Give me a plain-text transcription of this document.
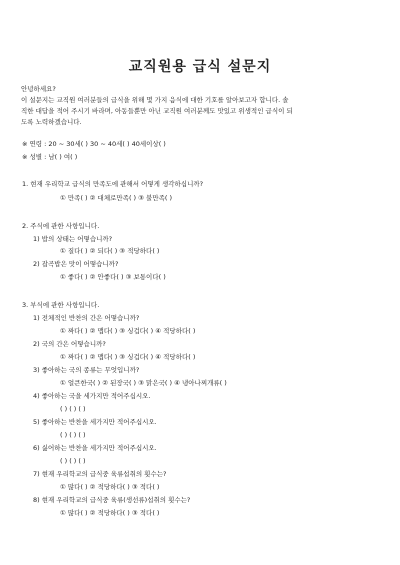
교직원용 급식 설문지

안녕하세요?

이 설문지는 교직원 여러분들의 급식을 위해 몇 가지 음식에 대한 기호를 알아보고자 합니다. 솔

직한 대답을 적어 주시기 바라며, 아동들뿐만 아닌 교직원 여러분께도 맛있고 위생적인 급식이 되

도록 노력하겠습니다.

※ 연령 : 20 ~ 30세( ) 30 ~ 40세( ) 40세이상( )
※ 성별 : 남( ) 여( )
1. 현재 우리학교 급식의 만족도에 관해서 어떻게 생각하십니까?
① 만족( ) ② 대체로만족( ) ③ 불만족( )
2. 주식에 관한 사항입니다.
1) 밥의 상태는 어떻습니까?
① 질다( ) ② 되다( ) ③ 적당하다( )
2) 잡곡밥은 맛이 어떻습니까?
① 좋다( ) ② 안좋다( ) ③ 보통이다( )
3. 부식에 관한 사항입니다.
1) 전체적인 반찬의 간은 어떻습니까?
① 짜다( ) ② 맵다( ) ③ 싱겁다( ) ④ 적당하다( )
2) 국의 간은 어떻습니까?
① 짜다( ) ② 맵다( ) ③ 싱겁다( ) ④ 적당하다( )
3) 좋아하는 국의 종류는 무엇입니까?
① 얼큰한국( ) ② 된장국( ) ③ 맑은국( ) ④ 냉아나찌개류( )
4) 좋아하는 국을 세가지만 적어주십시오.
( ) ( ) ( )
5) 좋아하는 반찬을 세가지만 적어주십시오.
( ) ( ) ( )
6) 싫어하는 반찬을 세가지만 적어주십시오.
( ) ( ) ( )
7) 현재 우리학교의 급식중 육류섭취의 횟수는?
① 많다( ) ② 적당하다( ) ③ 적다( )
8) 현재 우리학교의 급식중 육류(생선류)섭취의 횟수는?
① 많다( ) ② 적당하다( ) ③ 적다( )
